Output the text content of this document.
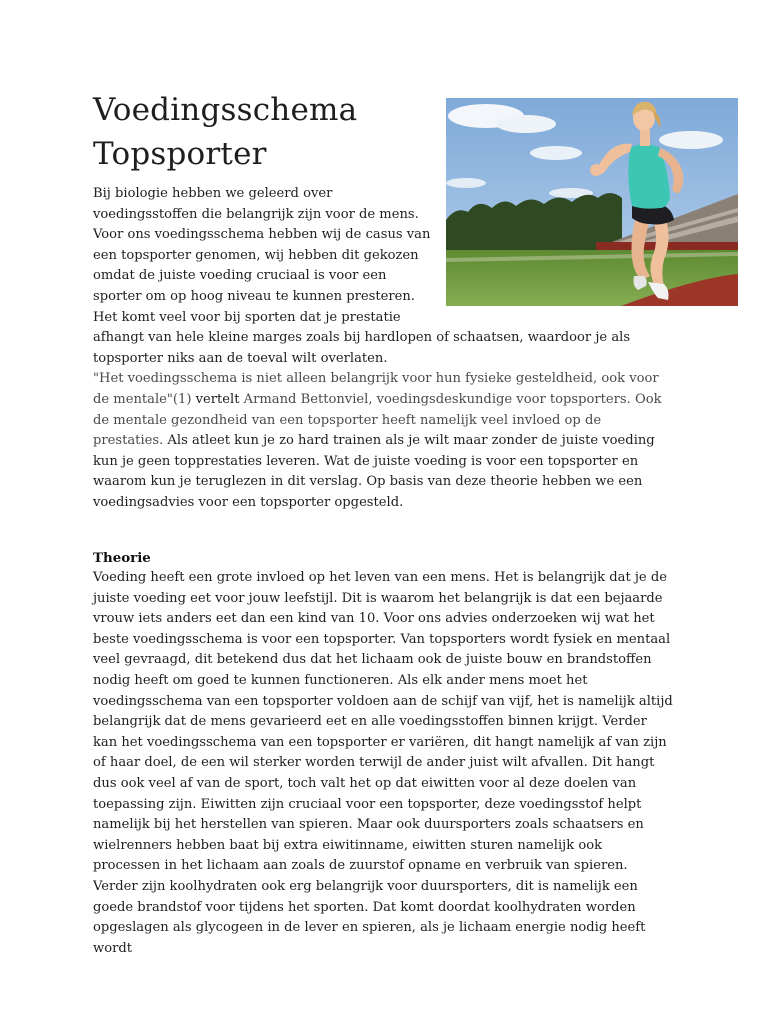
Voedingsschema
Topsporter

Bij biologie hebben we geleerd over voedingsstoffen die belangrijk zijn voor de mens. Voor ons voedingsschema hebben wij de casus van een topsporter genomen, wij hebben dit gekozen omdat de juiste voeding cruciaal is voor een sporter om op hoog niveau te kunnen presteren. Het komt veel voor bij sporten dat je prestatie afhangt van hele kleine marges zoals bij hardlopen of schaatsen, waardoor je als topsporter niks aan de toeval wilt overlaten.

"Het voedingsschema is niet alleen belangrijk voor hun fysieke gesteldheid, ook voor de mentale"(1) vertelt Armand Bettonviel, voedingsdeskundige voor topsporters. Ook de mentale gezondheid van een topsporter heeft namelijk veel invloed op de prestaties. Als atleet kun je zo hard trainen als je wilt maar zonder de juiste voeding kun je geen topprestaties leveren. Wat de juiste voeding is voor een topsporter en waarom kun je teruglezen in dit verslag. Op basis van deze theorie hebben we een voedingsadvies voor een topsporter opgesteld.

Theorie

Voeding heeft een grote invloed op het leven van een mens. Het is belangrijk dat je de juiste voeding eet voor jouw leefstijl. Dit is waarom het belangrijk is dat een bejaarde vrouw iets anders eet dan een kind van 10. Voor ons advies onderzoeken wij wat het beste voedingsschema is voor een topsporter. Van topsporters wordt fysiek en mentaal veel gevraagd, dit betekend dus dat het lichaam ook de juiste bouw en brandstoffen nodig heeft om goed te kunnen functioneren. Als elk ander mens moet het voedingsschema van een topsporter voldoen aan de schijf van vijf, het is namelijk altijd belangrijk dat de mens gevarieerd eet en alle voedingsstoffen binnen krijgt. Verder kan het voedingsschema van een topsporter er variëren, dit hangt namelijk af van zijn of haar doel, de een wil sterker worden terwijl de ander juist wilt afvallen. Dit hangt dus ook veel af van de sport, toch valt het op dat eiwitten voor al deze doelen van toepassing zijn. Eiwitten zijn cruciaal voor een topsporter, deze voedingsstof helpt namelijk bij het herstellen van spieren. Maar ook duursporters zoals schaatsers en wielrenners hebben baat bij extra eiwitinname, eiwitten sturen namelijk ook processen in het lichaam aan zoals de zuurstof opname en verbruik van spieren. Verder zijn koolhydraten ook erg belangrijk voor duursporters, dit is namelijk een goede brandstof voor tijdens het sporten. Dat komt doordat koolhydraten worden opgeslagen als glycogeen in de lever en spieren, als je lichaam energie nodig heeft wordt
